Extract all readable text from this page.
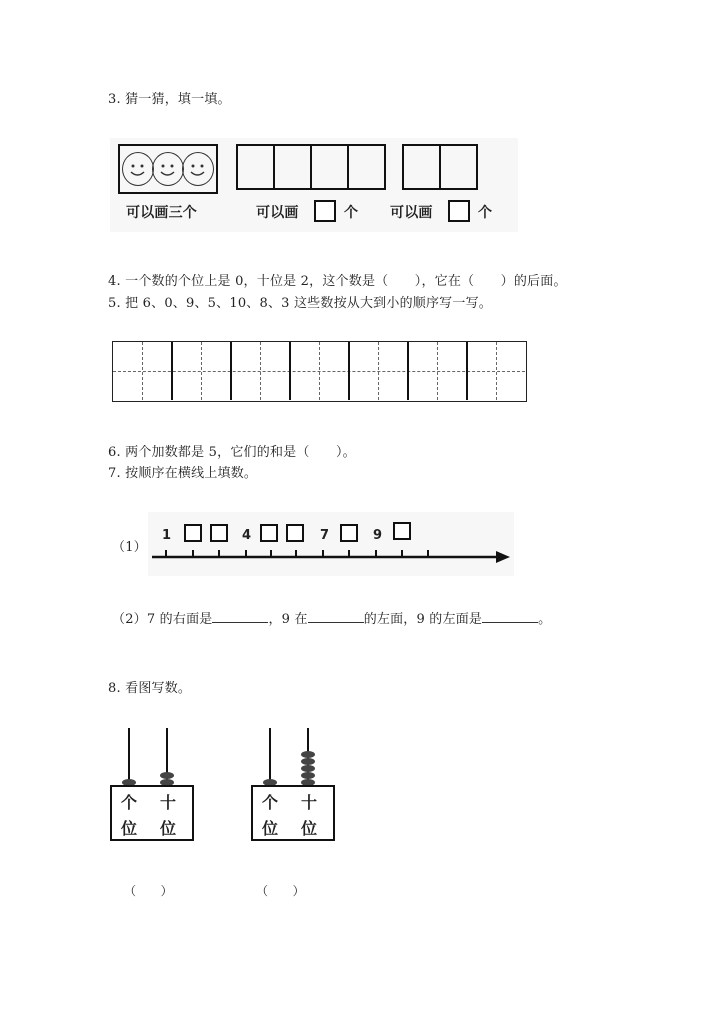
3. 猜一猜，填一填。
可以画三个	可以画	个 可以画	个
4. 一个数的个位上是 0，十位是 2，这个数是（　　），它在（　　）的后面。
5. 把 6、0、9、5、10、8、3 这些数按从大到小的顺序写一写。
6. 两个加数都是 5，它们的和是（　　）。
7. 按顺序在横线上填数。
（1）
1	4	7	9
（2）7 的右面是	，9 在	的左面，9 的左面是	。
8. 看图写数。
个 十
位 位
个 十
位 位
（　　）	（　　）
